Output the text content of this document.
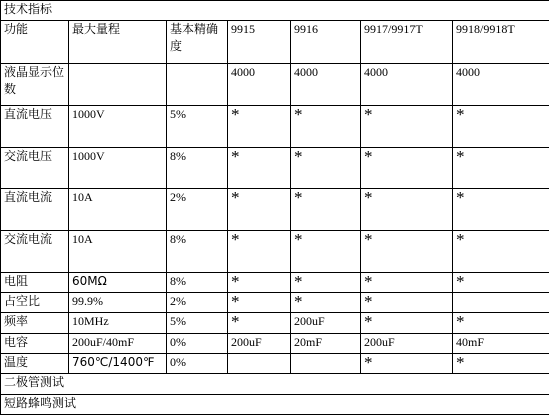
技术指标						
功能	最大量程	基本精确度	9915	9916	9917/9917T	9918/9918T
液晶显示位数			4000	4000	4000	4000
直流电压	1000V	5%	*	*	*	*
交流电压	1000V	8%	*	*	*	*
直流电流	10A	2%	*	*	*	*
交流电流	10A	8%	*	*	*	*
电阻	60MΩ	8%	*	*	*	*
占空比	99.9%	2%	*	*	*	
频率	10MHz	5%	*	200uF	*	*
电容	200uF/40mF	0%	200uF	20mF	200uF	40mF
温度	760℃/1400℉	0%			*	*
二极管测试						
短路蜂鸣测试						
